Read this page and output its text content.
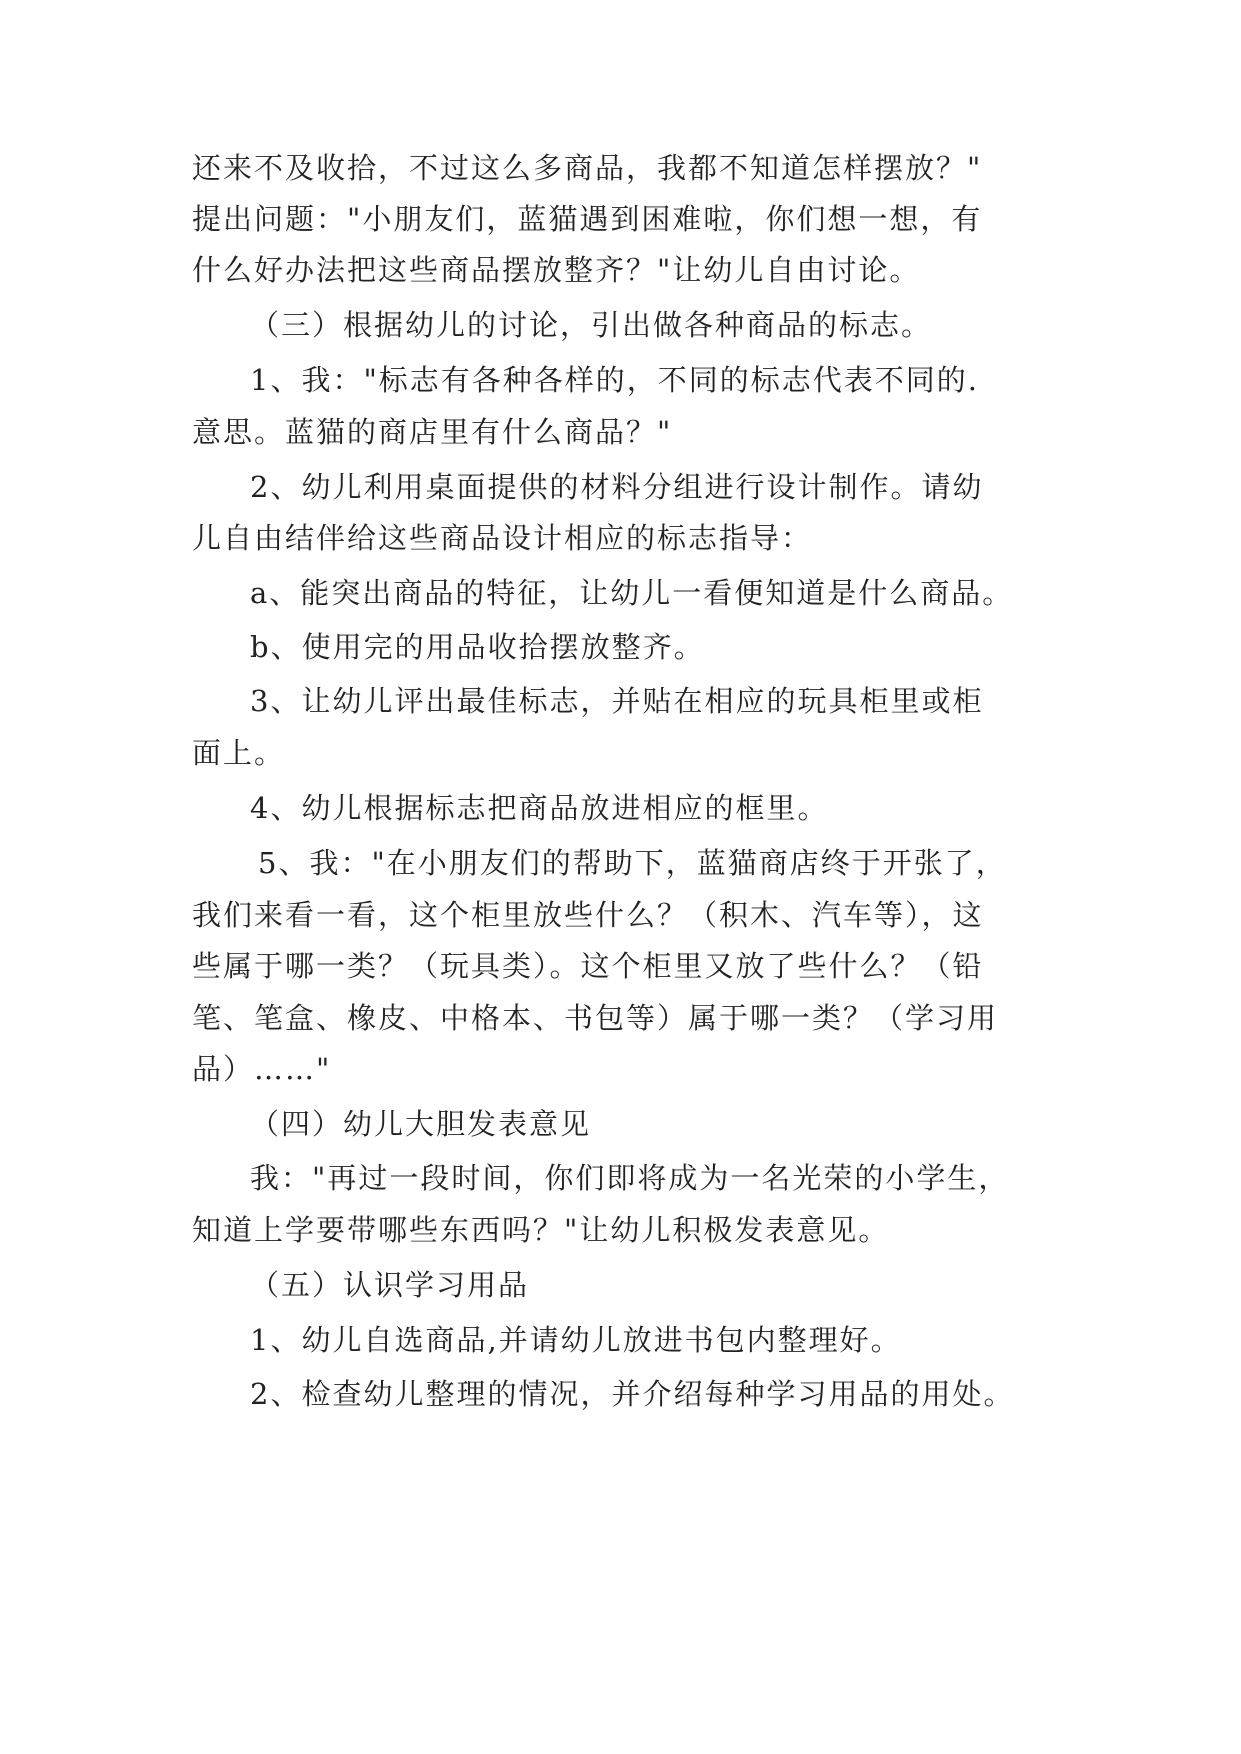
还来不及收拾，不过这么多商品，我都不知道怎样摆放？"
提出问题："小朋友们，蓝猫遇到困难啦，你们想一想，有
什么好办法把这些商品摆放整齐？"让幼儿自由讨论。
（三）根据幼儿的讨论，引出做各种商品的标志。
1、我："标志有各种各样的，不同的标志代表不同的.
意思。蓝猫的商店里有什么商品？"
2、幼儿利用桌面提供的材料分组进行设计制作。请幼
儿自由结伴给这些商品设计相应的标志指导：
a、能突出商品的特征，让幼儿一看便知道是什么商品。
b、使用完的用品收拾摆放整齐。
3、让幼儿评出最佳标志，并贴在相应的玩具柜里或柜
面上。
4、幼儿根据标志把商品放进相应的框里。
5、我："在小朋友们的帮助下，蓝猫商店终于开张了，
我们来看一看，这个柜里放些什么？（积木、汽车等），这
些属于哪一类？（玩具类）。这个柜里又放了些什么？（铅
笔、笔盒、橡皮、中格本、书包等）属于哪一类？（学习用
品）……"
（四）幼儿大胆发表意见
我："再过一段时间，你们即将成为一名光荣的小学生，
知道上学要带哪些东西吗？"让幼儿积极发表意见。
（五）认识学习用品
1、幼儿自选商品,并请幼儿放进书包内整理好。
2、检查幼儿整理的情况，并介绍每种学习用品的用处。
